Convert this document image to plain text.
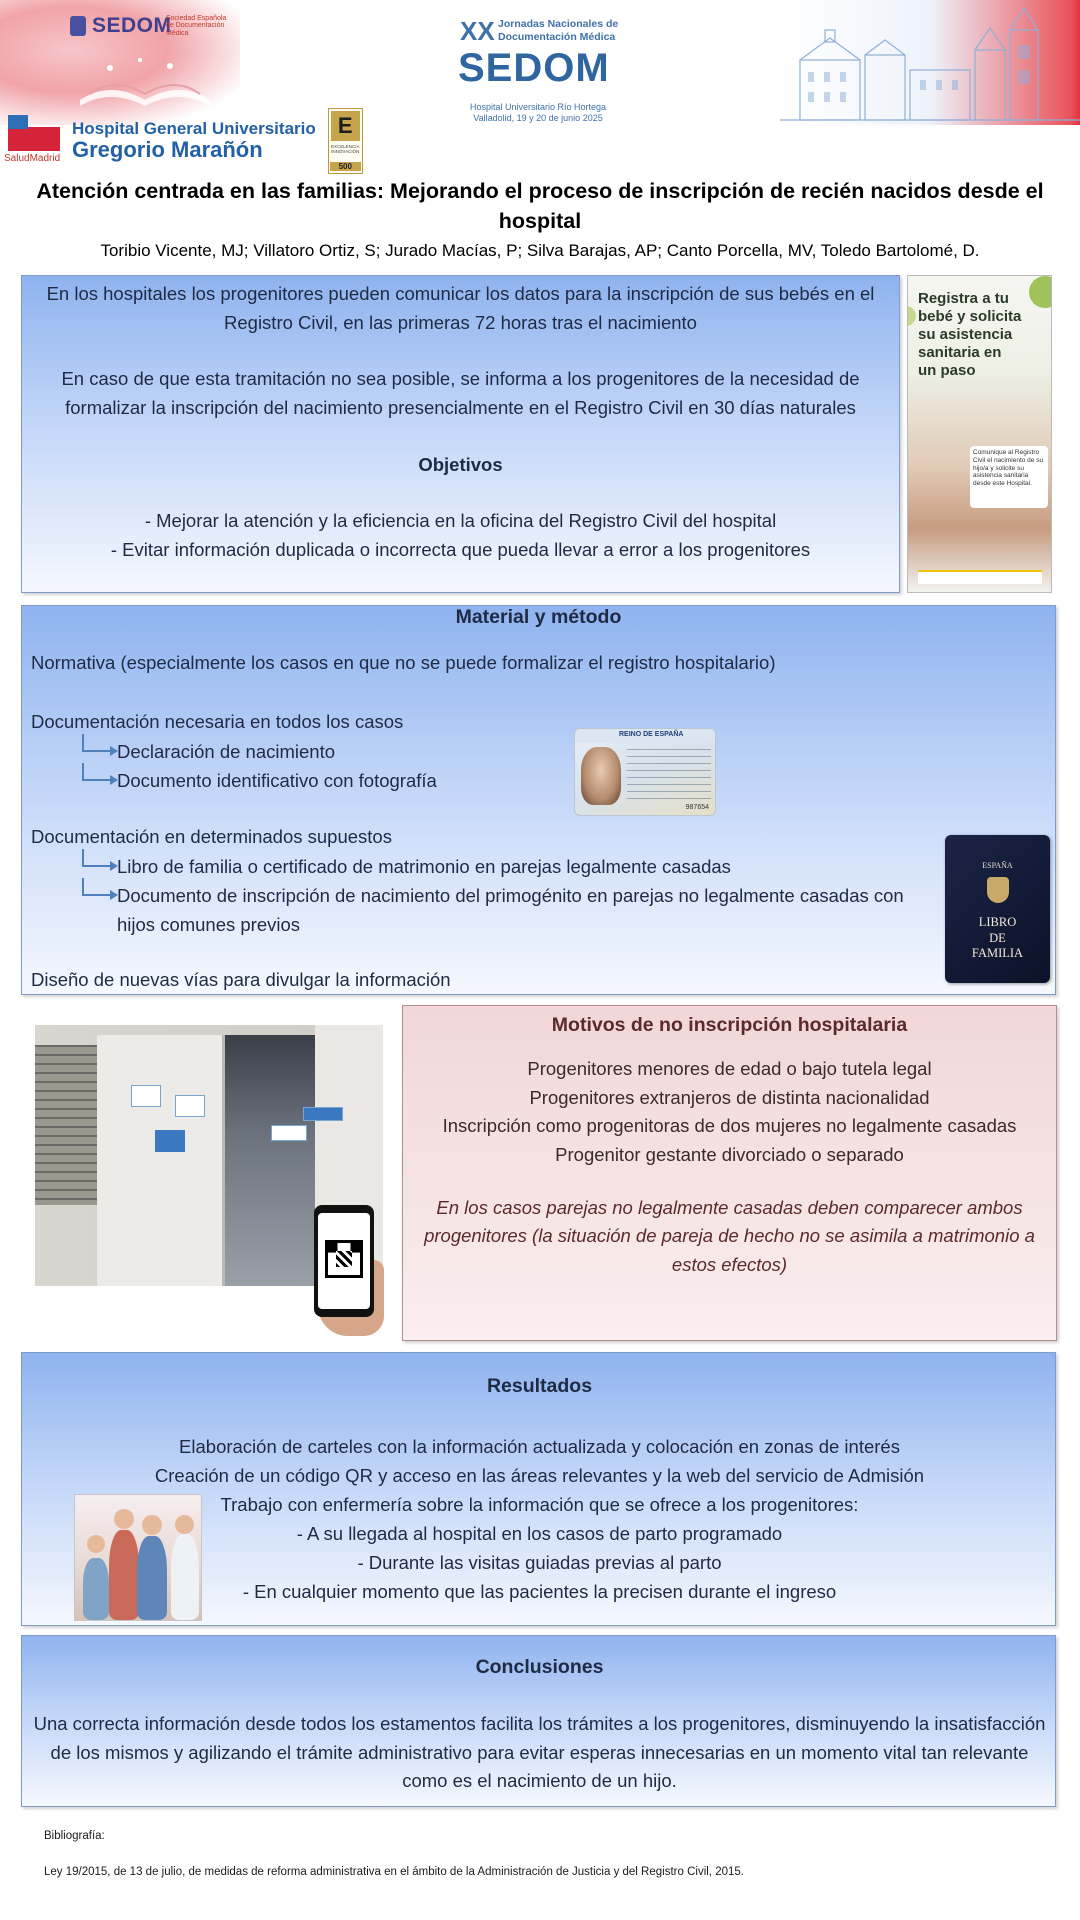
SEDOM
Sociedad Española de Documentación Médica	XX Jornadas Nacionales de Documentación Médica
SEDOM
Hospital Universitario Río Hortega
Valladolid, 19 y 20 de junio 2025
SaludMadrid
Hospital General Universitario
Gregorio Marañón
E
EXCELENCIA INNOVACIÓN
500
Atención centrada en las familias: Mejorando el proceso de inscripción de recién nacidos desde el hospital
Toribio Vicente, MJ; Villatoro Ortiz, S; Jurado Macías, P; Silva Barajas, AP; Canto Porcella, MV, Toledo Bartolomé, D.

En los hospitales los progenitores pueden comunicar los datos para la inscripción de sus bebés en el Registro Civil, en las primeras 72 horas tras el nacimiento

En caso de que esta tramitación no sea posible, se informa a los progenitores de la necesidad de formalizar la inscripción del nacimiento presencialmente en el Registro Civil en 30 días naturales

Objetivos

- Mejorar la atención y la eficiencia en la oficina del Registro Civil del hospital

- Evitar información duplicada o incorrecta que pueda llevar a error a los progenitores

Registra a tu bebé y solicita su asistencia sanitaria en un paso
Comunique al Registro Civil el nacimiento de su hijo/a y solicite su asistencia sanitaria desde este Hospital.
Material y método
Normativa (especialmente los casos en que no se puede formalizar el registro hospitalario)
Documentación necesaria en todos los casos
Declaración de nacimiento
Documento identificativo con fotografía
Documentación en determinados supuestos
Libro de familia o certificado de matrimonio en parejas legalmente casadas
Documento de inscripción de nacimiento del primogénito en parejas no legalmente casadas con hijos comunes previos
Diseño de nuevas vías para divulgar la información
REINO DE ESPAÑA
987654
ESPAÑA
LIBRO
DE
FAMILIA
Motivos de no inscripción hospitalaria
Progenitores menores de edad o bajo tutela legal
Progenitores extranjeros de distinta nacionalidad
Inscripción como progenitoras de dos mujeres no legalmente casadas
Progenitor gestante divorciado o separado
En los casos parejas no legalmente casadas deben comparecer ambos progenitores (la situación de pareja de hecho no se asimila a matrimonio a estos efectos)
Resultados
Elaboración de carteles con la información actualizada y colocación en zonas de interés
Creación de un código QR y acceso en las áreas relevantes y la web del servicio de Admisión
Trabajo con enfermería sobre la información que se ofrece a los progenitores:
- A su llegada al hospital en los casos de parto programado
- Durante las visitas guiadas previas al parto
- En cualquier momento que las pacientes la precisen durante el ingreso
Conclusiones
Una correcta información desde todos los estamentos facilita los trámites a los progenitores, disminuyendo la insatisfacción de los mismos y agilizando el trámite administrativo para evitar esperas innecesarias en un momento vital tan relevante como es el nacimiento de un hijo.
Bibliografía:
Ley 19/2015, de 13 de julio, de medidas de reforma administrativa en el ámbito de la Administración de Justicia y del Registro Civil, 2015.
